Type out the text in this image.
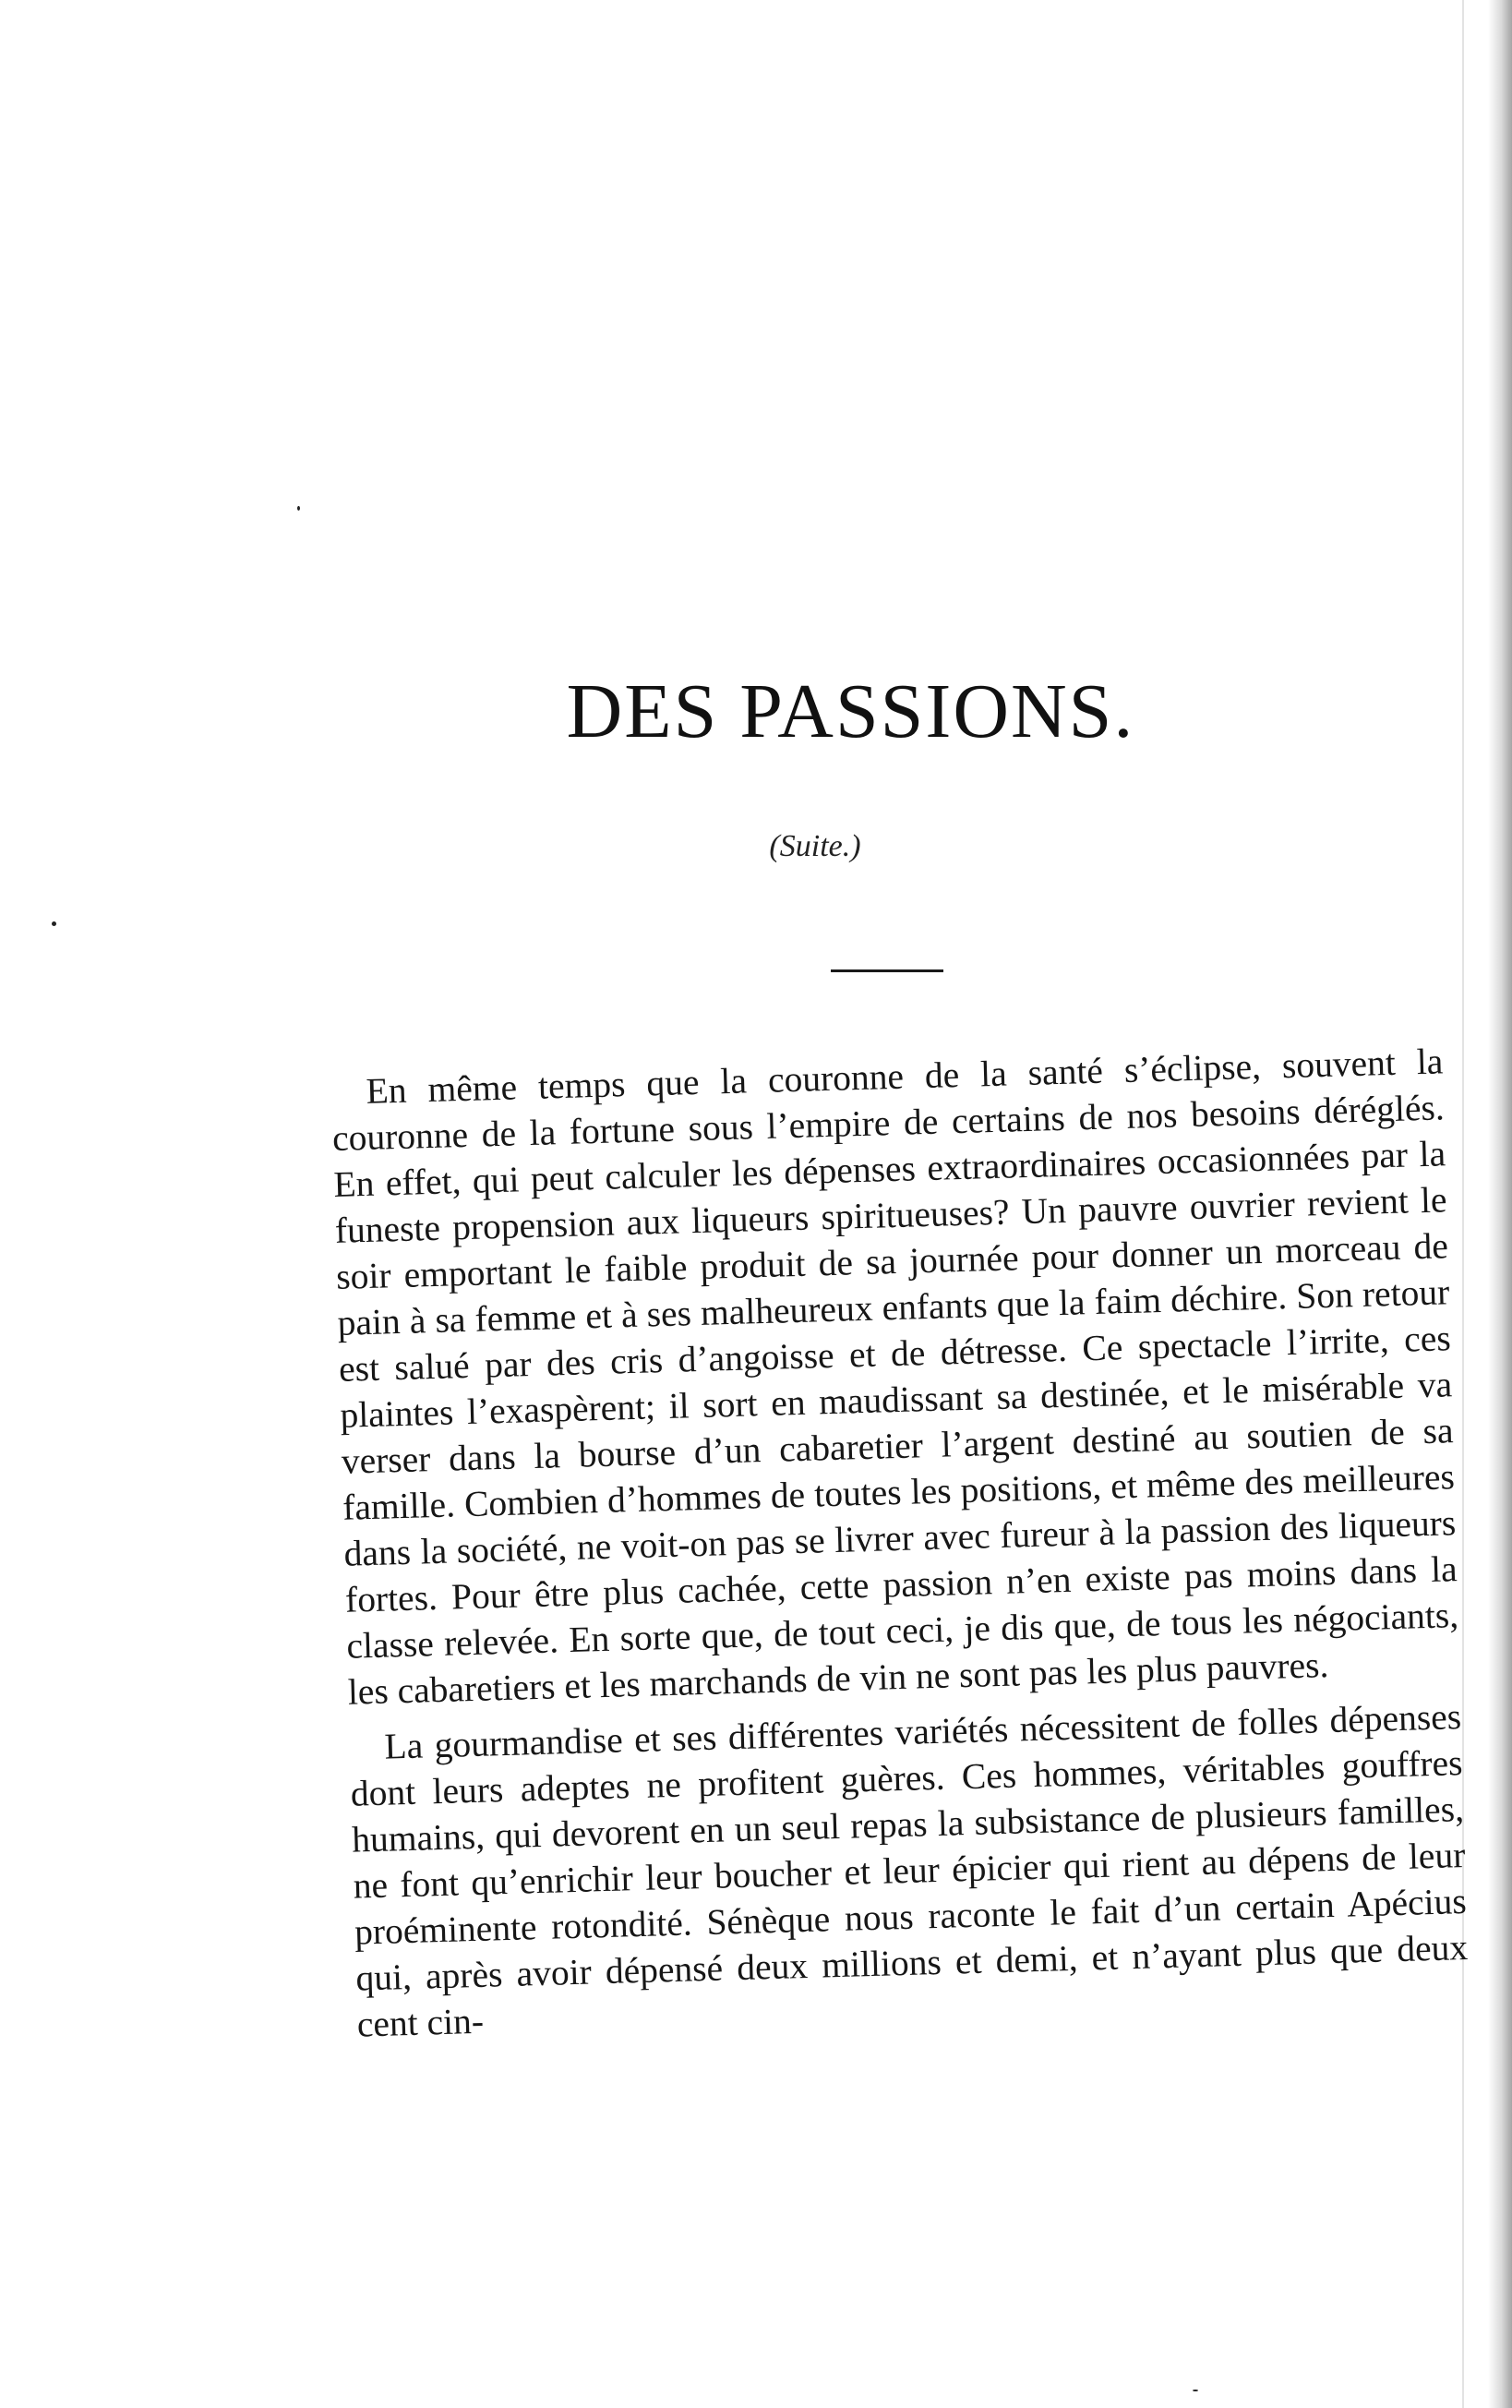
DES PASSIONS.
(Suite.)

En même temps que la couronne de la santé s’éclipse, souvent la couronne de la fortune sous l’empire de certains de nos besoins déréglés. En effet, qui peut calculer les dépenses extraordinaires occasionnées par la funeste propension aux liqueurs spiritueuses? Un pauvre ouvrier revient le soir emportant le faible produit de sa journée pour donner un morceau de pain à sa femme et à ses malheureux enfants que la faim déchire. Son retour est salué par des cris d’angoisse et de détresse. Ce spectacle l’irrite, ces plaintes l’exaspèrent; il sort en maudissant sa destinée, et le misérable va verser dans la bourse d’un cabaretier l’argent destiné au soutien de sa famille. Combien d’hommes de toutes les positions, et même des meilleures dans la société, ne voit-on pas se livrer avec fureur à la passion des liqueurs fortes. Pour être plus cachée, cette passion n’en existe pas moins dans la classe relevée. En sorte que, de tout ceci, je dis que, de tous les négociants, les cabaretiers et les marchands de vin ne sont pas les plus pauvres.

La gourmandise et ses différentes variétés nécessitent de folles dépenses dont leurs adeptes ne profitent guères. Ces hommes, véritables gouffres humains, qui devorent en un seul repas la subsistance de plusieurs familles, ne font qu’enrichir leur boucher et leur épicier qui rient au dépens de leur proéminente rotondité. Sénèque nous raconte le fait d’un certain Apécius qui, après avoir dépensé deux millions et demi, et n’ayant plus que deux cent cin-
